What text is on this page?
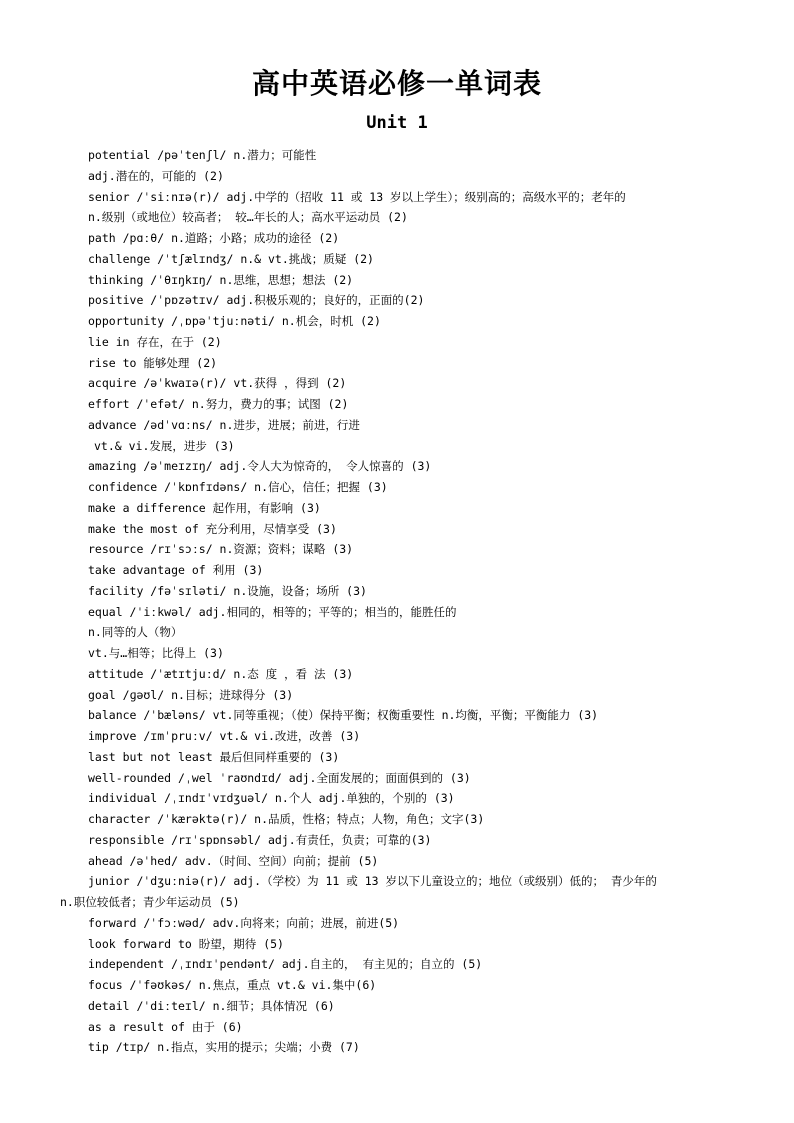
高中英语必修一单词表
Unit 1
potential /pəˈtenʃl/ n.潜力；可能性
adj.潜在的，可能的 (2)
senior /ˈsiːnɪə(r)/ adj.中学的（招收 11 或 13 岁以上学生）；级别高的；高级水平的；老年的
n.级别（或地位）较高者； 较…年长的人；高水平运动员 (2)
path /pɑːθ/ n.道路；小路；成功的途径 (2)
challenge /ˈtʃælɪndʒ/ n.& vt.挑战；质疑 (2)
thinking /ˈθɪŋkɪŋ/ n.思维，思想；想法 (2)
positive /ˈpɒzətɪv/ adj.积极乐观的；良好的，正面的(2)
opportunity /ˌɒpəˈtjuːnəti/ n.机会，时机 (2)
lie in 存在，在于 (2)
rise to 能够处理 (2)
acquire /əˈkwaɪə(r)/ vt.获得 ，得到 (2)
effort /ˈefət/ n.努力，费力的事；试图 (2)
advance /ədˈvɑːns/ n.进步，进展；前进，行进
vt.& vi.发展，进步 (3)
amazing /əˈmeɪzɪŋ/ adj.令人大为惊奇的， 令人惊喜的 (3)
confidence /ˈkɒnfɪdəns/ n.信心，信任；把握 (3)
make a difference 起作用，有影响 (3)
make the most of 充分利用，尽情享受 (3)
resource /rɪˈsɔːs/ n.资源；资料；谋略 (3)
take advantage of 利用 (3)
facility /fəˈsɪləti/ n.设施，设备；场所 (3)
equal /ˈiːkwəl/ adj.相同的，相等的；平等的；相当的，能胜任的
n.同等的人（物）
vt.与…相等；比得上 (3)
attitude /ˈætɪtjuːd/ n.态 度 ，看 法 (3)
goal /ɡəʊl/ n.目标；进球得分 (3)
balance /ˈbæləns/ vt.同等重视；（使）保持平衡；权衡重要性 n.均衡，平衡；平衡能力 (3)
improve /ɪmˈpruːv/ vt.& vi.改进，改善 (3)
last but not least 最后但同样重要的 (3)
well-rounded /ˌwel ˈraʊndɪd/ adj.全面发展的；面面俱到的 (3)
individual /ˌɪndɪˈvɪdʒuəl/ n.个人 adj.单独的，个别的 (3)
character /ˈkærəktə(r)/ n.品质，性格；特点；人物，角色；文字(3)
responsible /rɪˈspɒnsəbl/ adj.有责任，负责；可靠的(3)
ahead /əˈhed/ adv.（时间、空间）向前；提前 (5)
junior /ˈdʒuːniə(r)/ adj.（学校）为 11 或 13 岁以下儿童设立的；地位（或级别）低的； 青少年的
n.职位较低者；青少年运动员 (5)
forward /ˈfɔːwəd/ adv.向将来；向前；进展，前进(5)
look forward to 盼望，期待 (5)
independent /ˌɪndɪˈpendənt/ adj.自主的， 有主见的；自立的 (5)
focus /ˈfəʊkəs/ n.焦点，重点 vt.& vi.集中(6)
detail /ˈdiːteɪl/ n.细节；具体情况 (6)
as a result of 由于 (6)
tip /tɪp/ n.指点，实用的提示；尖端；小费 (7)
